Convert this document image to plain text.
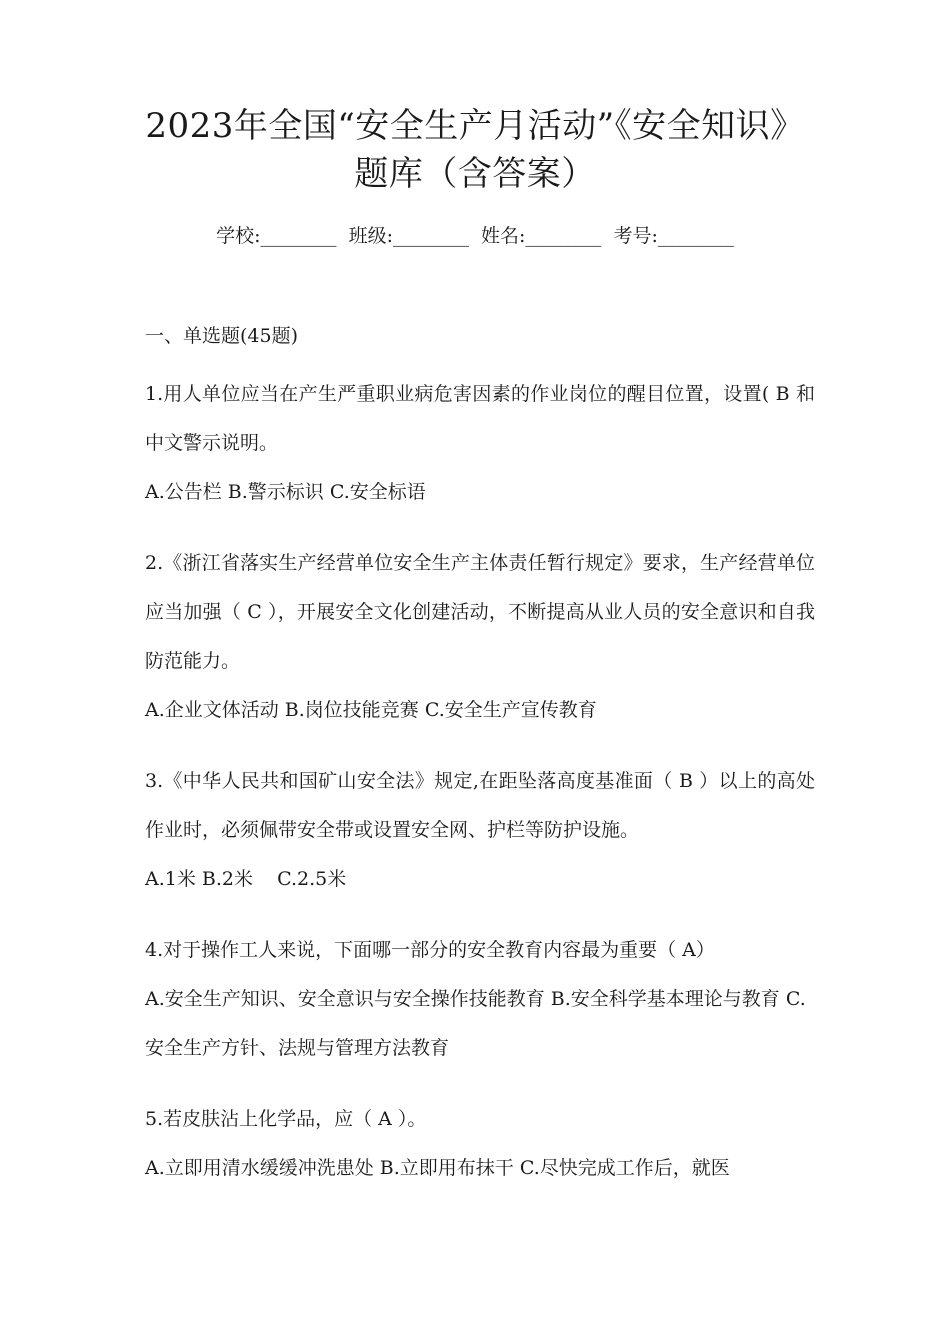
2023年全国“安全生产月活动”《安全知识》
题库（含答案）
学校:________ 班级:________ 姓名:________ 考号:________
一、单选题(45题)
1.用人单位应当在产生严重职业病危害因素的作业岗位的醒目位置，设置( B 和中文警示说明。
A.公告栏 B.警示标识 C.安全标语
2.《浙江省落实生产经营单位安全生产主体责任暂行规定》要求，生产经营单位应当加强（ C ），开展安全文化创建活动，不断提高从业人员的安全意识和自我防范能力。
A.企业文体活动 B.岗位技能竞赛 C.安全生产宣传教育
3.《中华人民共和国矿山安全法》规定,在距坠落高度基准面（ B ）以上的高处作业时，必须佩带安全带或设置安全网、护栏等防护设施。
A.1米 B.2米    C.2.5米
4.对于操作工人来说，下面哪一部分的安全教育内容最为重要（ A）
A.安全生产知识、安全意识与安全操作技能教育 B.安全科学基本理论与教育 C.安全生产方针、法规与管理方法教育
5.若皮肤沾上化学品，应（ A ）。
A.立即用清水缓缓冲洗患处 B.立即用布抹干 C.尽快完成工作后，就医
